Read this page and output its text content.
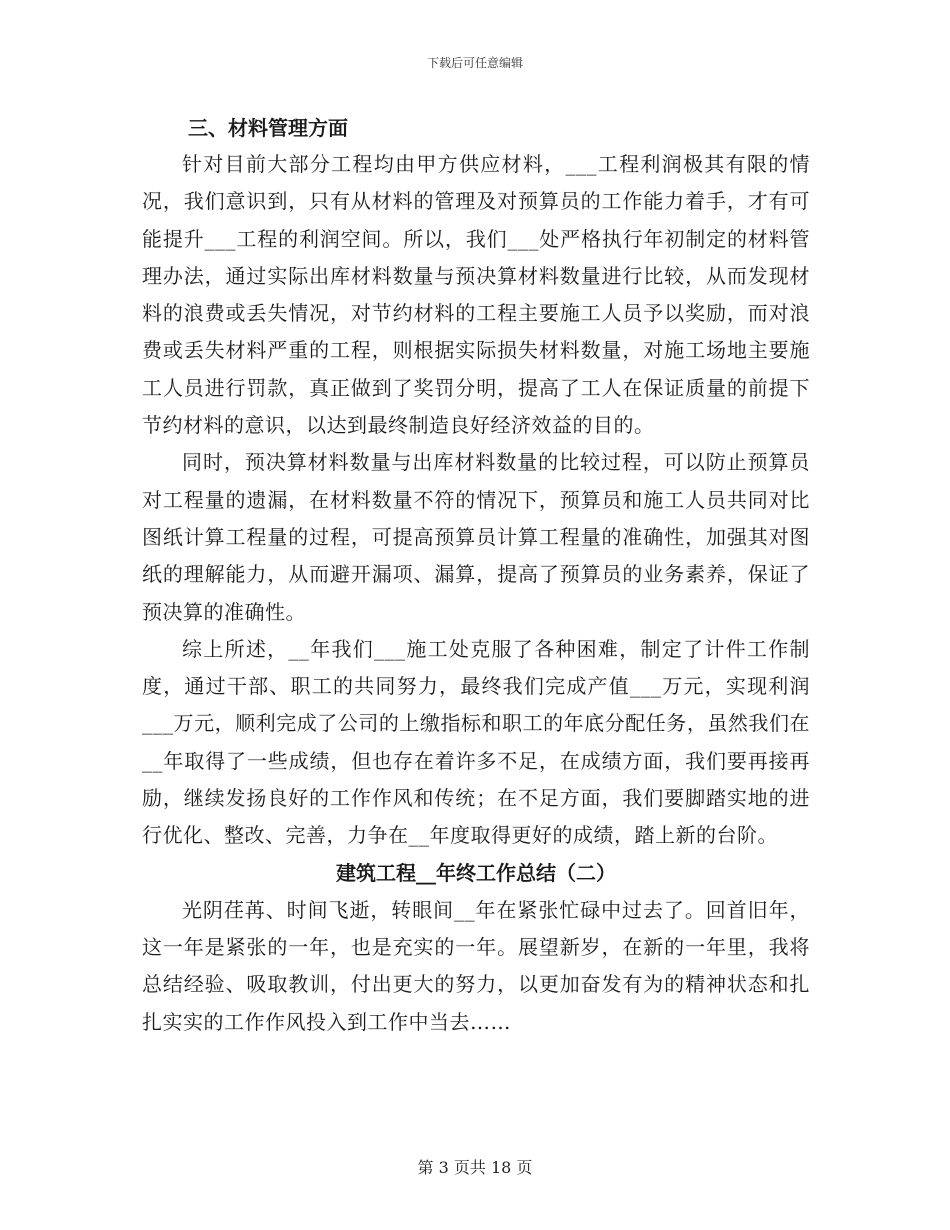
下载后可任意编辑

三、材料管理方面

针对目前大部分工程均由甲方供应材料，___工程利润极其有限的情况，我们意识到，只有从材料的管理及对预算员的工作能力着手，才有可能提升___工程的利润空间。所以，我们___处严格执行年初制定的材料管理办法，通过实际出库材料数量与预决算材料数量进行比较，从而发现材料的浪费或丢失情况，对节约材料的工程主要施工人员予以奖励，而对浪费或丢失材料严重的工程，则根据实际损失材料数量，对施工场地主要施工人员进行罚款，真正做到了奖罚分明，提高了工人在保证质量的前提下节约材料的意识，以达到最终制造良好经济效益的目的。

同时，预决算材料数量与出库材料数量的比较过程，可以防止预算员对工程量的遗漏，在材料数量不符的情况下，预算员和施工人员共同对比图纸计算工程量的过程，可提高预算员计算工程量的准确性，加强其对图纸的理解能力，从而避开漏项、漏算，提高了预算员的业务素养，保证了预决算的准确性。

综上所述，__年我们___施工处克服了各种困难，制定了计件工作制度，通过干部、职工的共同努力，最终我们完成产值___万元，实现利润___万元，顺利完成了公司的上缴指标和职工的年底分配任务，虽然我们在__年取得了一些成绩，但也存在着许多不足，在成绩方面，我们要再接再励，继续发扬良好的工作作风和传统；在不足方面，我们要脚踏实地的进行优化、整改、完善，力争在__年度取得更好的成绩，踏上新的台阶。

建筑工程__年终工作总结（二）

光阴荏苒、时间飞逝，转眼间__年在紧张忙碌中过去了。回首旧年，这一年是紧张的一年，也是充实的一年。展望新岁，在新的一年里，我将总结经验、吸取教训，付出更大的努力，以更加奋发有为的精神状态和扎扎实实的工作作风投入到工作中当去……

第 3 页共 18 页
